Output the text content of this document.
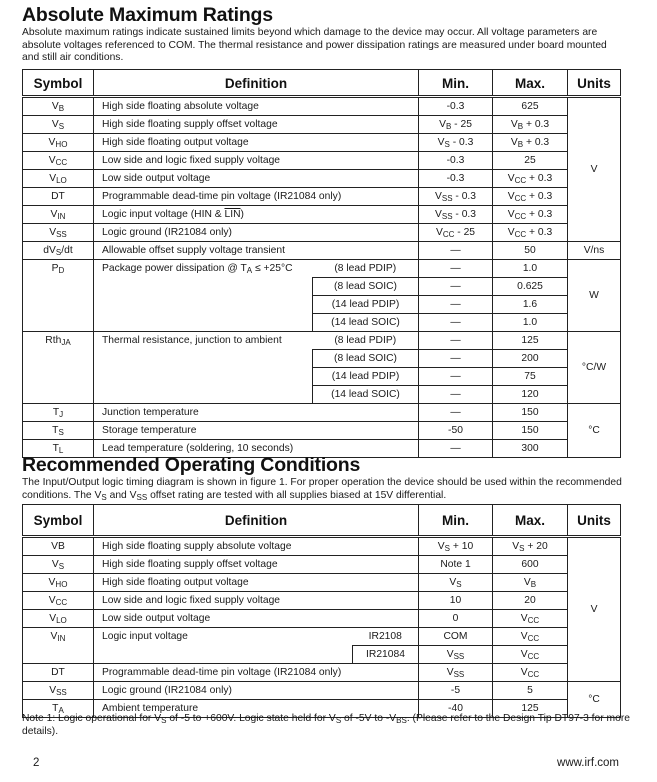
Absolute Maximum Ratings
Absolute maximum ratings indicate sustained limits beyond which damage to the device may occur. All voltage parameters are absolute voltages referenced to COM. The thermal resistance and power dissipation ratings are measured under board mounted and still air conditions.
Symbol	Definition		Min.	Max.	Units
$V_B$	High side floating absolute voltage		-0.3	625	V
$V_S$	High side floating supply offset voltage		$V_B - 25$	$V_B + 0.3$	
$V_{HO}$	High side floating output voltage		$V_S - 0.3$	$V_B + 0.3$	
$V_{CC}$	Low side and logic fixed supply voltage		-0.3	25	
$V_{LO}$	Low side output voltage		-0.3	$V_{CC} + 0.3$	
DT	Programmable dead-time pin voltage (IR21084 only)		$V_{SS} - 0.3$	$V_{CC} + 0.3$	
$V_{IN}$	Logic input voltage (HIN & $\overline{LIN}$)		$V_{SS} - 0.3$	$V_{CC} + 0.3$	
$V_{SS}$	Logic ground (IR21084 only)		$V_{CC} - 25$	$V_{CC} + 0.3$	
$dV_S/dt$	Allowable offset supply voltage transient		—	50	V/ns
$P_D$	Package power dissipation @ $T_A \le +25^\circ C$	(8 lead PDIP)	—	1.0	W
		(8 lead SOIC)	—	0.625	
		(14 lead PDIP)	—	1.6	
		(14 lead SOIC)	—	1.0	
Rth$_{JA}$	Thermal resistance, junction to ambient	(8 lead PDIP)	—	125	°C/W
		(8 lead SOIC)	—	200	
		(14 lead PDIP)	—	75	
		(14 lead SOIC)	—	120	
$T_J$	Junction temperature		—	150	°C
$T_S$	Storage temperature		-50	150	
$T_L$	Lead temperature (soldering, 10 seconds)		—	300	
Recommended Operating Conditions
The Input/Output logic timing diagram is shown in figure 1. For proper operation the device should be used within the recommended conditions. The $V_S$ and $V_{SS}$ offset rating are tested with all supplies biased at 15V differential.
Symbol	Definition		Min.	Max.	Units
VB	High side floating supply absolute voltage		$V_S + 10$	$V_S + 20$	V
$V_S$	High side floating supply offset voltage		Note 1	600	
$V_{HO}$	High side floating output voltage		$V_S$	$V_B$
$V_{CC}$	Low side and logic fixed supply voltage		10	20	
$V_{LO}$	Low side output voltage		0	$V_{CC}$
$V_{IN}$	Logic input voltage	IR2108	COM	$V_{CC}$
		IR21084	$V_{SS}$	$V_{CC}$
DT	Programmable dead-time pin voltage (IR21084 only)		$V_{SS}$	$V_{CC}$
$V_{SS}$	Logic ground (IR21084 only)		-5	5	°C
$T_A$	Ambient temperature		-40	125	
Note 1: Logic operational for $V_S$ of -5 to +600V. Logic state held for $V_S$ of -5V to $-V_{BS}$. (Please refer to the Design Tip DT97-3 for more details).
2	www.irf.com
